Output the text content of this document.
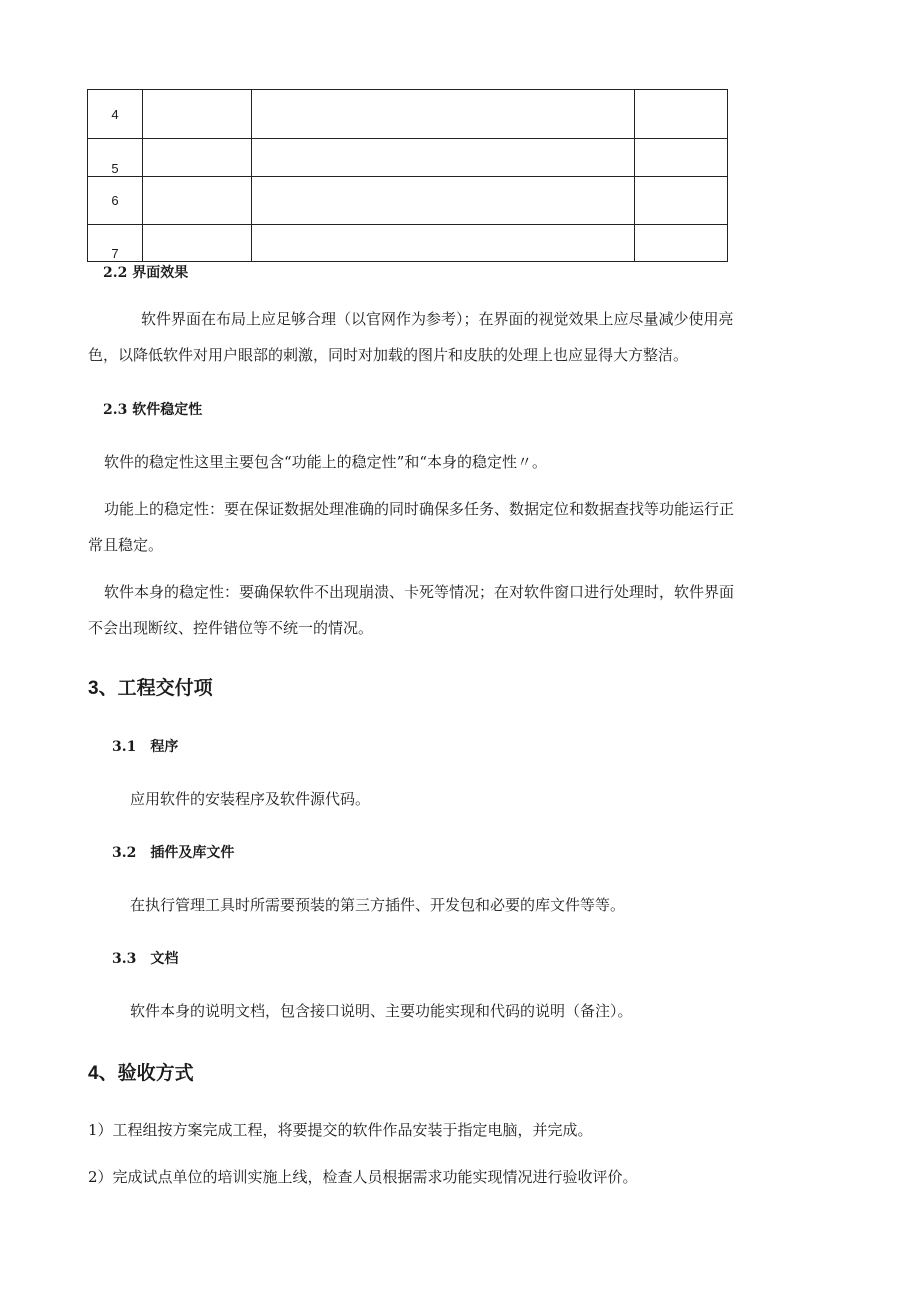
4			
5			
6			
7			
2.2 界面效果
软件界面在布局上应足够合理（以官网作为参考）；在界面的视觉效果上应尽量减少使用亮
色，以降低软件对用户眼部的刺激，同时对加载的图片和皮肤的处理上也应显得大方整洁。
2.3 软件稳定性
软件的稳定性这里主要包含“功能上的稳定性”和“本身的稳定性〃。
功能上的稳定性：要在保证数据处理准确的同时确保多任务、数据定位和数据查找等功能运行正
常且稳定。
软件本身的稳定性：要确保软件不出现崩溃、卡死等情况；在对软件窗口进行处理时，软件界面
不会出现断纹、控件错位等不统一的情况。
3、工程交付项
3.1　程序
应用软件的安装程序及软件源代码。
3.2　插件及库文件
在执行管理工具时所需要预装的第三方插件、开发包和必要的库文件等等。
3.3　文档
软件本身的说明文档，包含接口说明、主要功能实现和代码的说明（备注）。
4、验收方式
1）工程组按方案完成工程，将要提交的软件作品安装于指定电脑，并完成。
2）完成试点单位的培训实施上线，检查人员根据需求功能实现情况进行验收评价。
